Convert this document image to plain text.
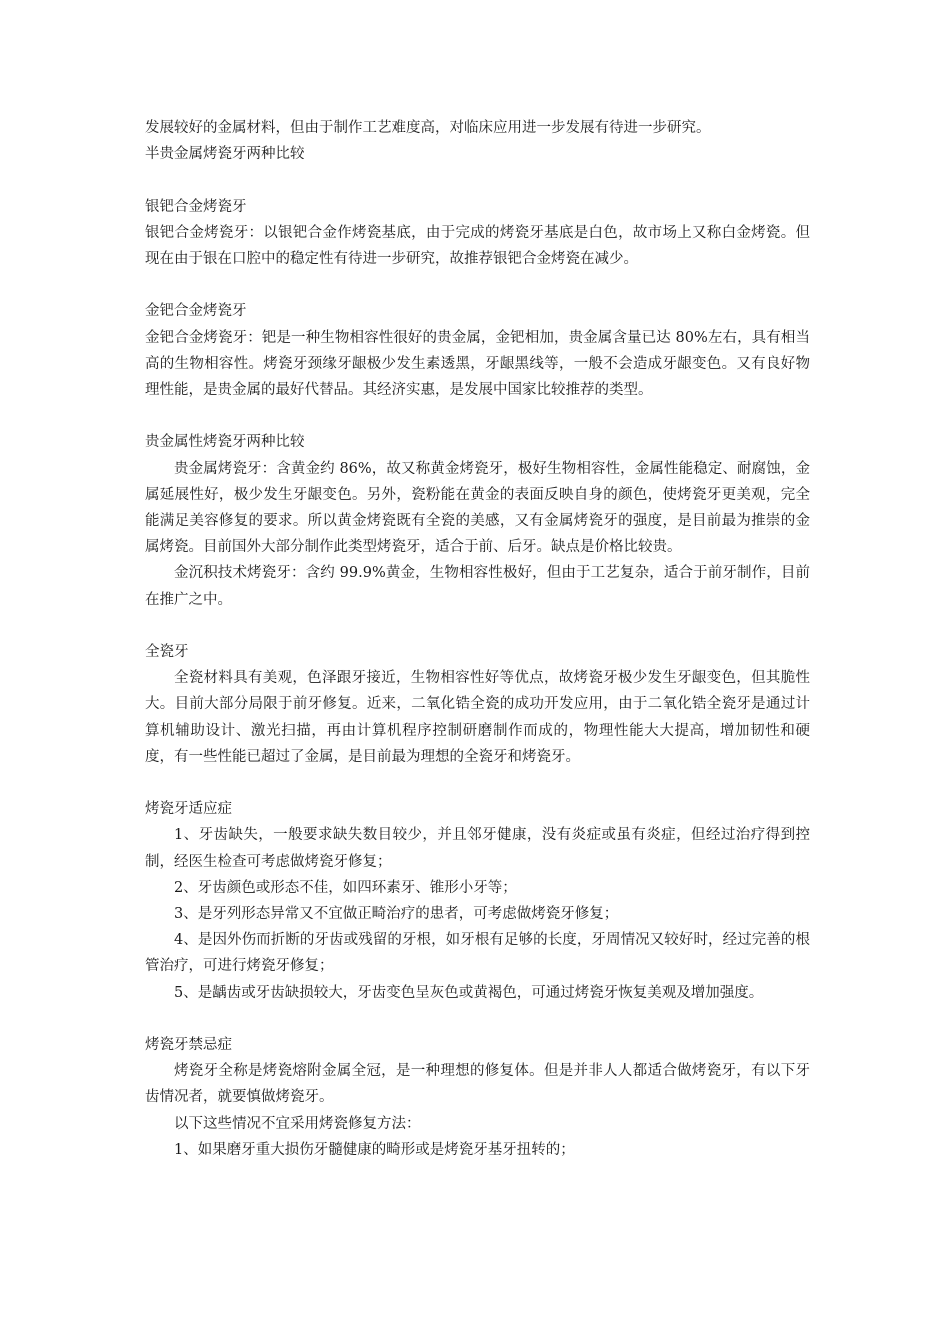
发展较好的金属材料，但由于制作工艺难度高，对临床应用进一步发展有待进一步研究。

半贵金属烤瓷牙两种比较

银钯合金烤瓷牙

银钯合金烤瓷牙：以银钯合金作烤瓷基底，由于完成的烤瓷牙基底是白色，故市场上又称白金烤瓷。但现在由于银在口腔中的稳定性有待进一步研究，故推荐银钯合金烤瓷在减少。

金钯合金烤瓷牙

金钯合金烤瓷牙：钯是一种生物相容性很好的贵金属，金钯相加，贵金属含量已达 80%左右，具有相当高的生物相容性。烤瓷牙颈缘牙龈极少发生素透黑，牙龈黑线等，一般不会造成牙龈变色。又有良好物理性能，是贵金属的最好代替品。其经济实惠，是发展中国家比较推荐的类型。

贵金属性烤瓷牙两种比较

贵金属烤瓷牙：含黄金约 86%，故又称黄金烤瓷牙，极好生物相容性，金属性能稳定、耐腐蚀，金属延展性好，极少发生牙龈变色。另外，瓷粉能在黄金的表面反映自身的颜色，使烤瓷牙更美观，完全能满足美容修复的要求。所以黄金烤瓷既有全瓷的美感，又有金属烤瓷牙的强度，是目前最为推崇的金属烤瓷。目前国外大部分制作此类型烤瓷牙，适合于前、后牙。缺点是价格比较贵。

金沉积技术烤瓷牙：含约 99.9%黄金，生物相容性极好，但由于工艺复杂，适合于前牙制作，目前在推广之中。

全瓷牙

全瓷材料具有美观，色泽跟牙接近，生物相容性好等优点，故烤瓷牙极少发生牙龈变色，但其脆性大。目前大部分局限于前牙修复。近来，二氧化锆全瓷的成功开发应用，由于二氧化锆全瓷牙是通过计算机辅助设计、激光扫描，再由计算机程序控制研磨制作而成的，物理性能大大提高，增加韧性和硬度，有一些性能已超过了金属，是目前最为理想的全瓷牙和烤瓷牙。

烤瓷牙适应症

1、牙齿缺失，一般要求缺失数目较少，并且邻牙健康，没有炎症或虽有炎症，但经过治疗得到控制，经医生检查可考虑做烤瓷牙修复；

2、牙齿颜色或形态不佳，如四环素牙、锥形小牙等；

3、是牙列形态异常又不宜做正畸治疗的患者，可考虑做烤瓷牙修复；

4、是因外伤而折断的牙齿或残留的牙根，如牙根有足够的长度，牙周情况又较好时，经过完善的根管治疗，可进行烤瓷牙修复；

5、是龋齿或牙齿缺损较大，牙齿变色呈灰色或黄褐色，可通过烤瓷牙恢复美观及增加强度。

烤瓷牙禁忌症

烤瓷牙全称是烤瓷熔附金属全冠，是一种理想的修复体。但是并非人人都适合做烤瓷牙，有以下牙齿情况者，就要慎做烤瓷牙。

以下这些情况不宜采用烤瓷修复方法：

1、如果磨牙重大损伤牙髓健康的畸形或是烤瓷牙基牙扭转的；
